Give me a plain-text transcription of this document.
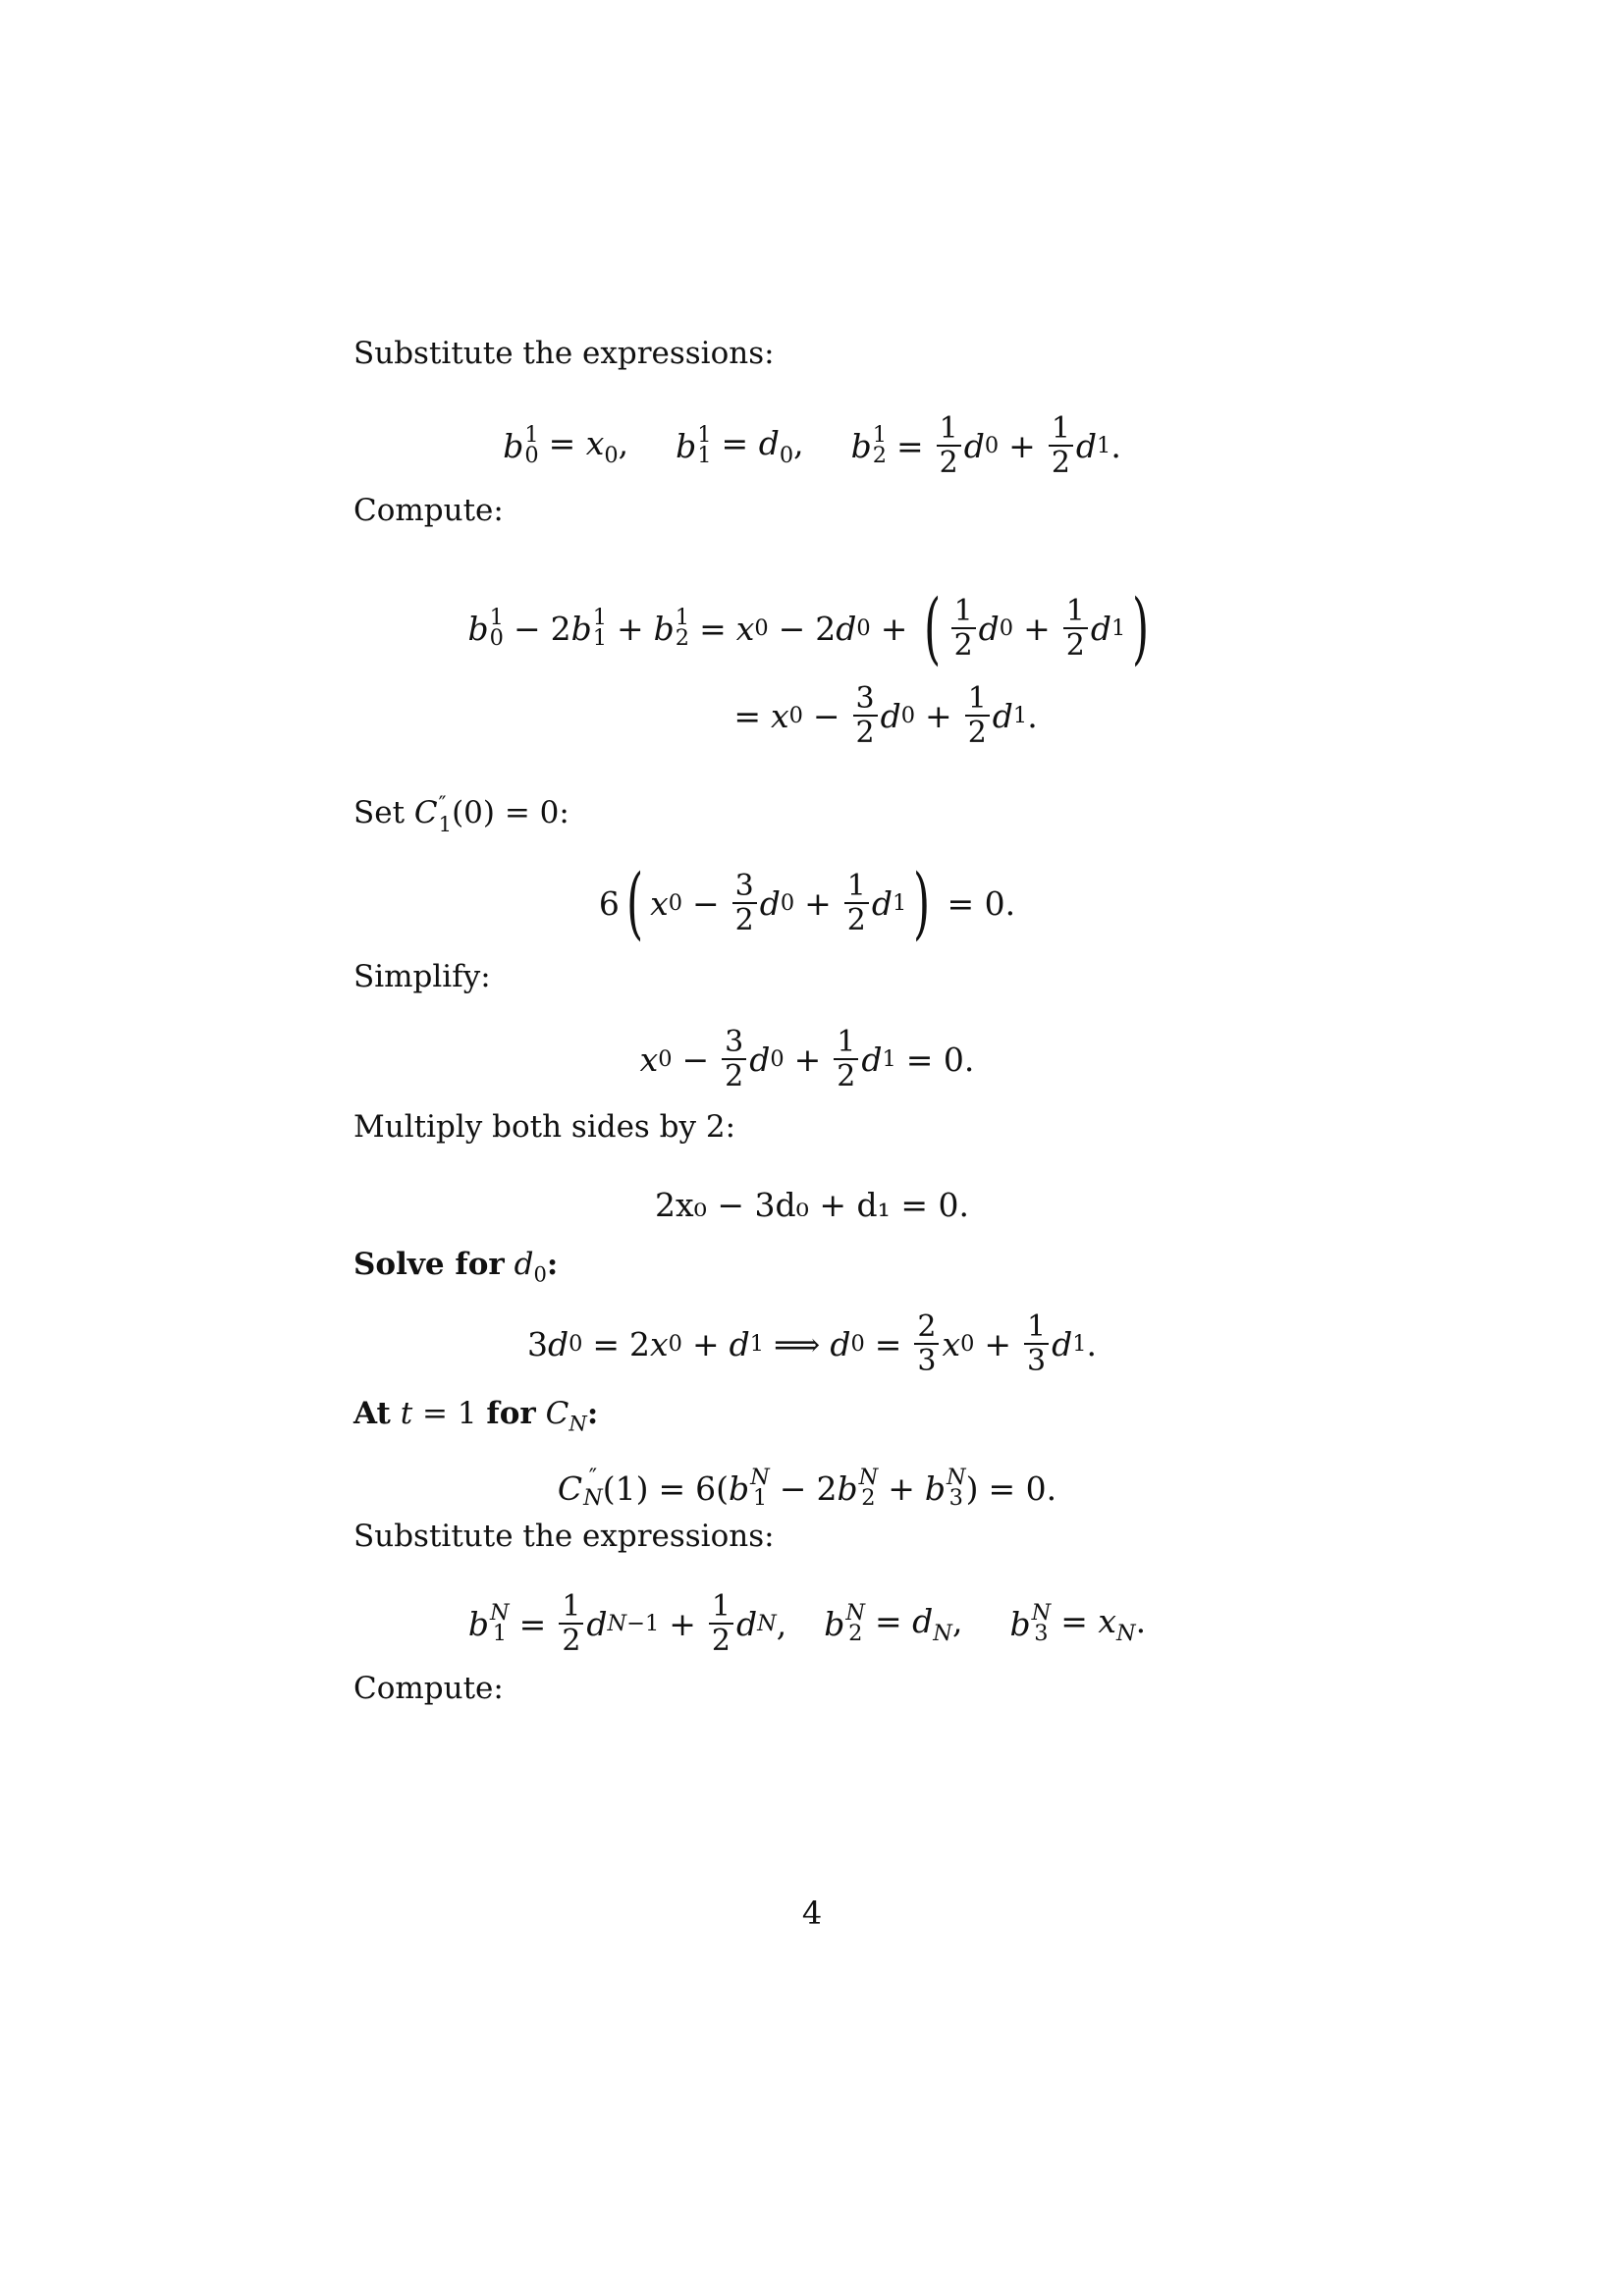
Substitute the expressions:
b 1
$0 = x_0$, b 1
$1 = d_0$, b 1
$2 = \frac{1}{2}$ d $0 + \frac{1}{2}$ d 1 .
Compute:
b 1
0 − 2 b 1
1 + b 1
2 = x 0 − 2 d 0 + ( $\frac{1}{2}$ d $0 + \frac{1}{2}$ d 1 )
= x $0 - \frac{3}{2}$ d $0 + \frac{1}{2}$ d 1 .
Set C ″
1 (0) = 0:
6 ( x $0 - \frac{3}{2}$ d $0 + \frac{1}{2}$ d 1 ) = 0.
Simplify:
x $0 - \frac{3}{2}$ d $0 + \frac{1}{2}$ d 1 = 0.
Multiply both sides by 2:
2x₀ − 3d₀ + d₁ = 0.
Solve for $d_0$:
3 d 0 = 2 x 0 + d 1 ⟹ d $0 = \frac{2}{3}$ x $0 + \frac{1}{3}$ d 1 .
At t = 1 for $C_N$:
C ″
N (1) = 6( b N
1 − 2 b N
2 + b N
3 ) = 0.
Substitute the expressions:
b N
$1 = \frac{1}{2}$ d $N-1 + \frac{1}{2}$ d N , b N
$2 = d_N$, b N
$3 = x_N$.
Compute:
4
